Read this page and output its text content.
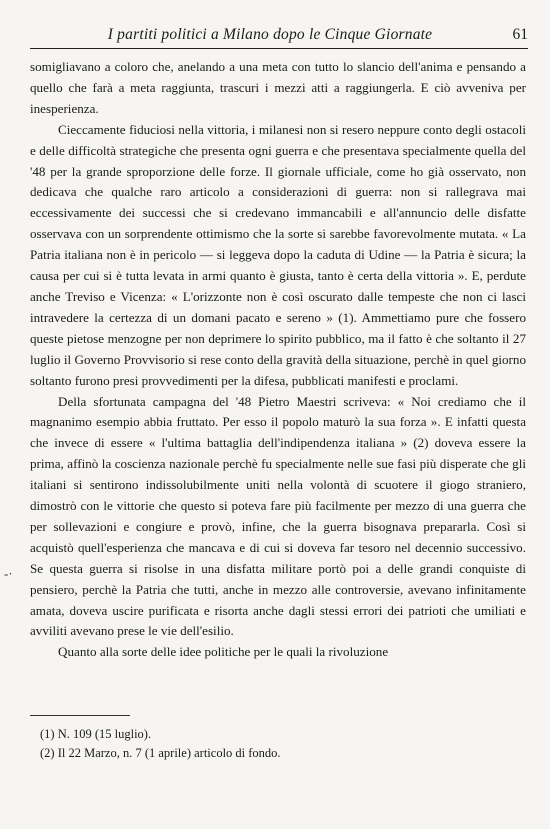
I partiti politici a Milano dopo le Cinque Giornate	61

somigliavano a coloro che, anelando a una meta con tutto lo slancio dell'anima e pensando a quello che farà a meta raggiunta, trascuri i mezzi atti a raggiungerla. E ciò avveniva per inesperienza.

Cieccamente fiduciosi nella vittoria, i milanesi non si resero neppure conto degli ostacoli e delle difficoltà strategiche che presenta ogni guerra e che presentava specialmente quella del '48 per la grande sproporzione delle forze. Il giornale ufficiale, come ho già osservato, non dedicava che qualche raro articolo a considerazioni di guerra: non si rallegrava mai eccessivamente dei successi che si credevano immancabili e all'annuncio delle disfatte osservava con un sorprendente ottimismo che la sorte si sarebbe favorevolmente mutata. « La Patria italiana non è in pericolo — si leggeva dopo la caduta di Udine — la Patria è sicura; la causa per cui si è tutta levata in armi quanto è giusta, tanto è certa della vittoria ». E, perdute anche Treviso e Vicenza: « L'orizzonte non è così oscurato dalle tempeste che non ci lasci intravedere la certezza di un domani pacato e sereno » (1). Ammettiamo pure che fossero queste pietose menzogne per non deprimere lo spirito pubblico, ma il fatto è che soltanto il 27 luglio il Governo Provvisorio si rese conto della gravità della situazione, perchè in quel giorno soltanto furono presi provvedimenti per la difesa, pubblicati manifesti e proclami.

Della sfortunata campagna del '48 Pietro Maestri scriveva: « Noi crediamo che il magnanimo esempio abbia fruttato. Per esso il popolo maturò la sua forza ». E infatti questa che invece di essere « l'ultima battaglia dell'indipendenza italiana » (2) doveva essere la prima, affinò la coscienza nazionale perchè fu specialmente nelle sue fasi più disperate che gli italiani si sentirono indissolubilmente uniti nella volontà di scuotere il giogo straniero, dimostrò con le vittorie che questo si poteva fare più facilmente per mezzo di una guerra che per sollevazioni e congiure e provò, infine, che la guerra bisognava prepararla. Così si acquistò quell'esperienza che mancava e di cui si doveva far tesoro nel decennio successivo. Se questa guerra si risolse in una disfatta militare portò poi a delle grandi conquiste di pensiero, perchè la Patria che tutti, anche in mezzo alle controversie, avevano infinitamente amata, doveva uscire purificata e risorta anche dagli stessi errori dei patrioti che umiliati e avviliti avevano prese le vie dell'esilio.

Quanto alla sorte delle idee politiche per le quali la rivoluzione

-·

(1) N. 109 (15 luglio).

(2) Il 22 Marzo, n. 7 (1 aprile) articolo di fondo.
